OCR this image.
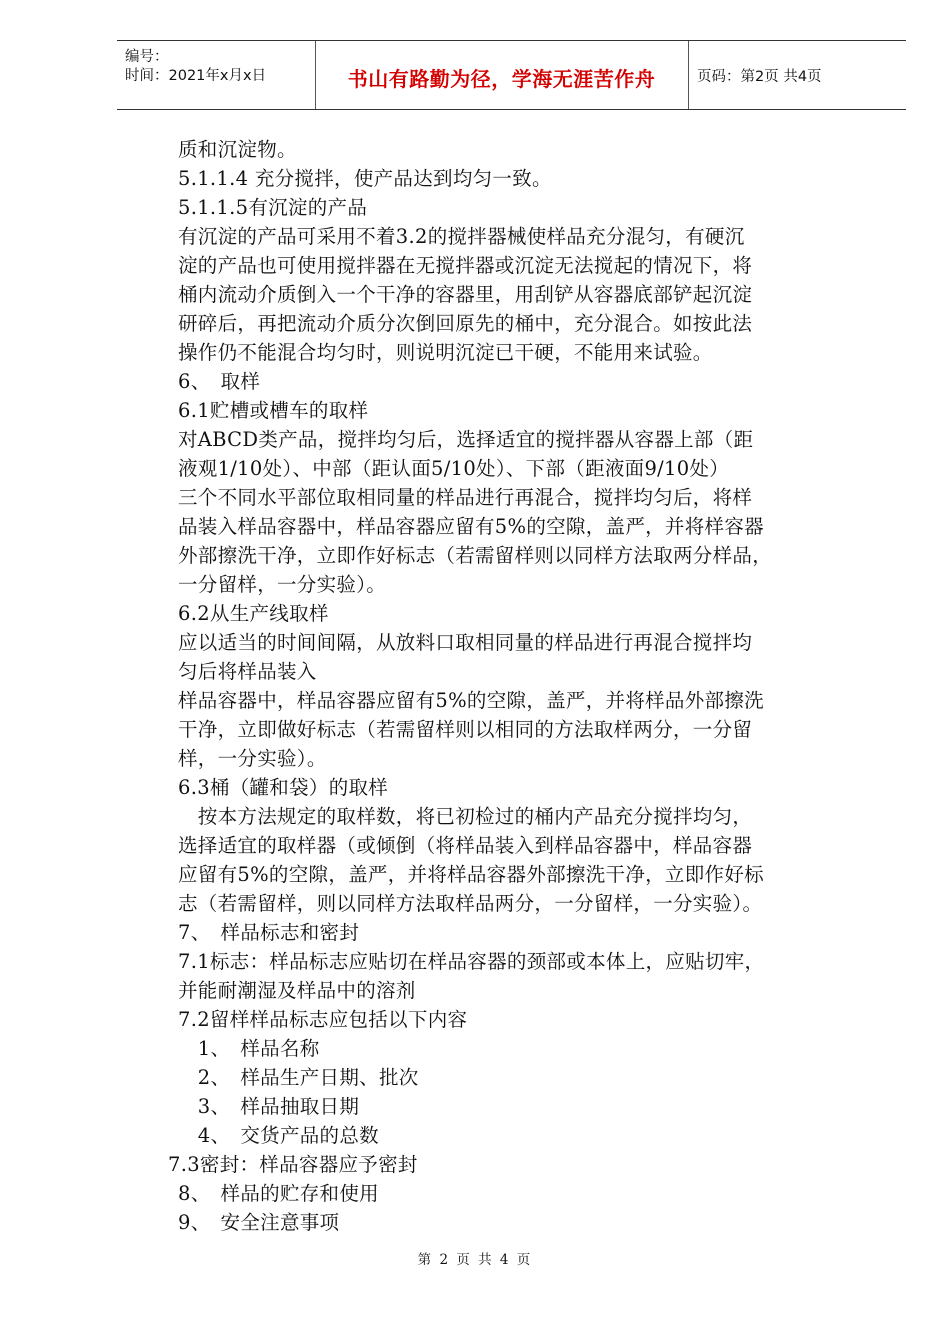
编号：
时间：2021年x月x日	书山有路勤为径，学海无涯苦作舟	页码：第2页 共4页
质和沉淀物。
5.1.1.4 充分搅拌，使产品达到均匀一致。
5.1.1.5有沉淀的产品
有沉淀的产品可采用不着3.2的搅拌器械使样品充分混匀，有硬沉
淀的产品也可使用搅拌器在无搅拌器或沉淀无法搅起的情况下，将
桶内流动介质倒入一个干净的容器里，用刮铲从容器底部铲起沉淀
研碎后，再把流动介质分次倒回原先的桶中，充分混合。如按此法
操作仍不能混合均匀时，则说明沉淀已干硬，不能用来试验。
6、　取样
6.1贮槽或槽车的取样
对ABCD类产品，搅拌均匀后，选择适宜的搅拌器从容器上部（距
液观1/10处）、中部（距认面5/10处）、下部（距液面9/10处）
三个不同水平部位取相同量的样品进行再混合，搅拌均匀后，将样
品装入样品容器中，样品容器应留有5%的空隙，盖严，并将样容器
外部擦洗干净，立即作好标志（若需留样则以同样方法取两分样品，
一分留样，一分实验）。
6.2从生产线取样
应以适当的时间间隔，从放料口取相同量的样品进行再混合搅拌均
匀后将样品装入
样品容器中，样品容器应留有5%的空隙，盖严，并将样品外部擦洗
干净，立即做好标志（若需留样则以相同的方法取样两分，一分留
样，一分实验）。
6.3桶（罐和袋）的取样
　按本方法规定的取样数，将已初检过的桶内产品充分搅拌均匀，
选择适宜的取样器（或倾倒（将样品装入到样品容器中，样品容器
应留有5%的空隙，盖严，并将样品容器外部擦洗干净，立即作好标
志（若需留样，则以同样方法取样品两分，一分留样，一分实验）。
7、　样品标志和密封
7.1标志：样品标志应贴切在样品容器的颈部或本体上，应贴切牢，
并能耐潮湿及样品中的溶剂
7.2留样样品标志应包括以下内容
　1、　样品名称
　2、　样品生产日期、批次
　3、　样品抽取日期
　4、　交货产品的总数
7.3密封：样品容器应予密封
8、　样品的贮存和使用
9、　安全注意事项
第 2 页 共 4 页
